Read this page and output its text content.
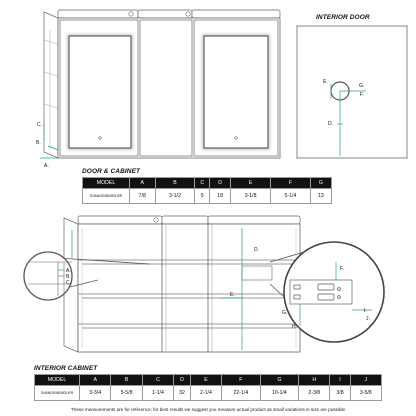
INTERIOR DOOR
E.
G.
F.
D.
C.
B.
A.
DOOR & CABINET
MODEL	A	B	C	D	E	F	G
SVANGENEMDLRR	7/8	3-1/2	5	18	3-1/8	5-1/4	13
D.
A.
B.
C.
E.
F.
G.
H.
I.
J.
INTERIOR CABINET
MODEL	A	B	C	D	E	F	G	H	I	J
SVANGENEMDLRR	3-3/4	5-5/8	1-1/4	32	2-1/4	22-1/4	10-1/4	2-3/8	3/8	3-5/8
These measurements are for reference; for best results we suggest you measure actual product as small variations in size are possible
